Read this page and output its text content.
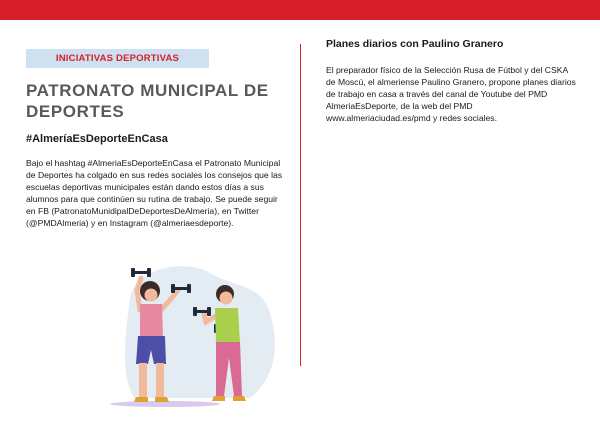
INICIATIVAS DEPORTIVAS
PATRONATO MUNICIPAL DE DEPORTES
#AlmeríaEsDeporteEnCasa

Bajo el hashtag #AlmeriaEsDeporteEnCasa el Patronato Municipal de Deportes ha colgado en sus redes sociales los consejos que las escuelas deportivas municipales están dando estos días a sus alumnos para que continúen su rutina de trabajo. Se puede seguir en FB (PatronatoMunidipalDeDeportesDeAlmeria), en Twitter (@PMDAlmeria) y en Instagram (@almeriaesdeporte).

Planes diarios con Paulino Granero

El preparador físico de la Selección Rusa de Fútbol y del CSKA de Moscú, el almeriense Paulino Granero, propone planes diarios de trabajo en casa a través del canal de Youtube del PMD AlmeriaEsDeporte, de la web del PMD www.almeriaciudad.es/pmd y redes sociales.
